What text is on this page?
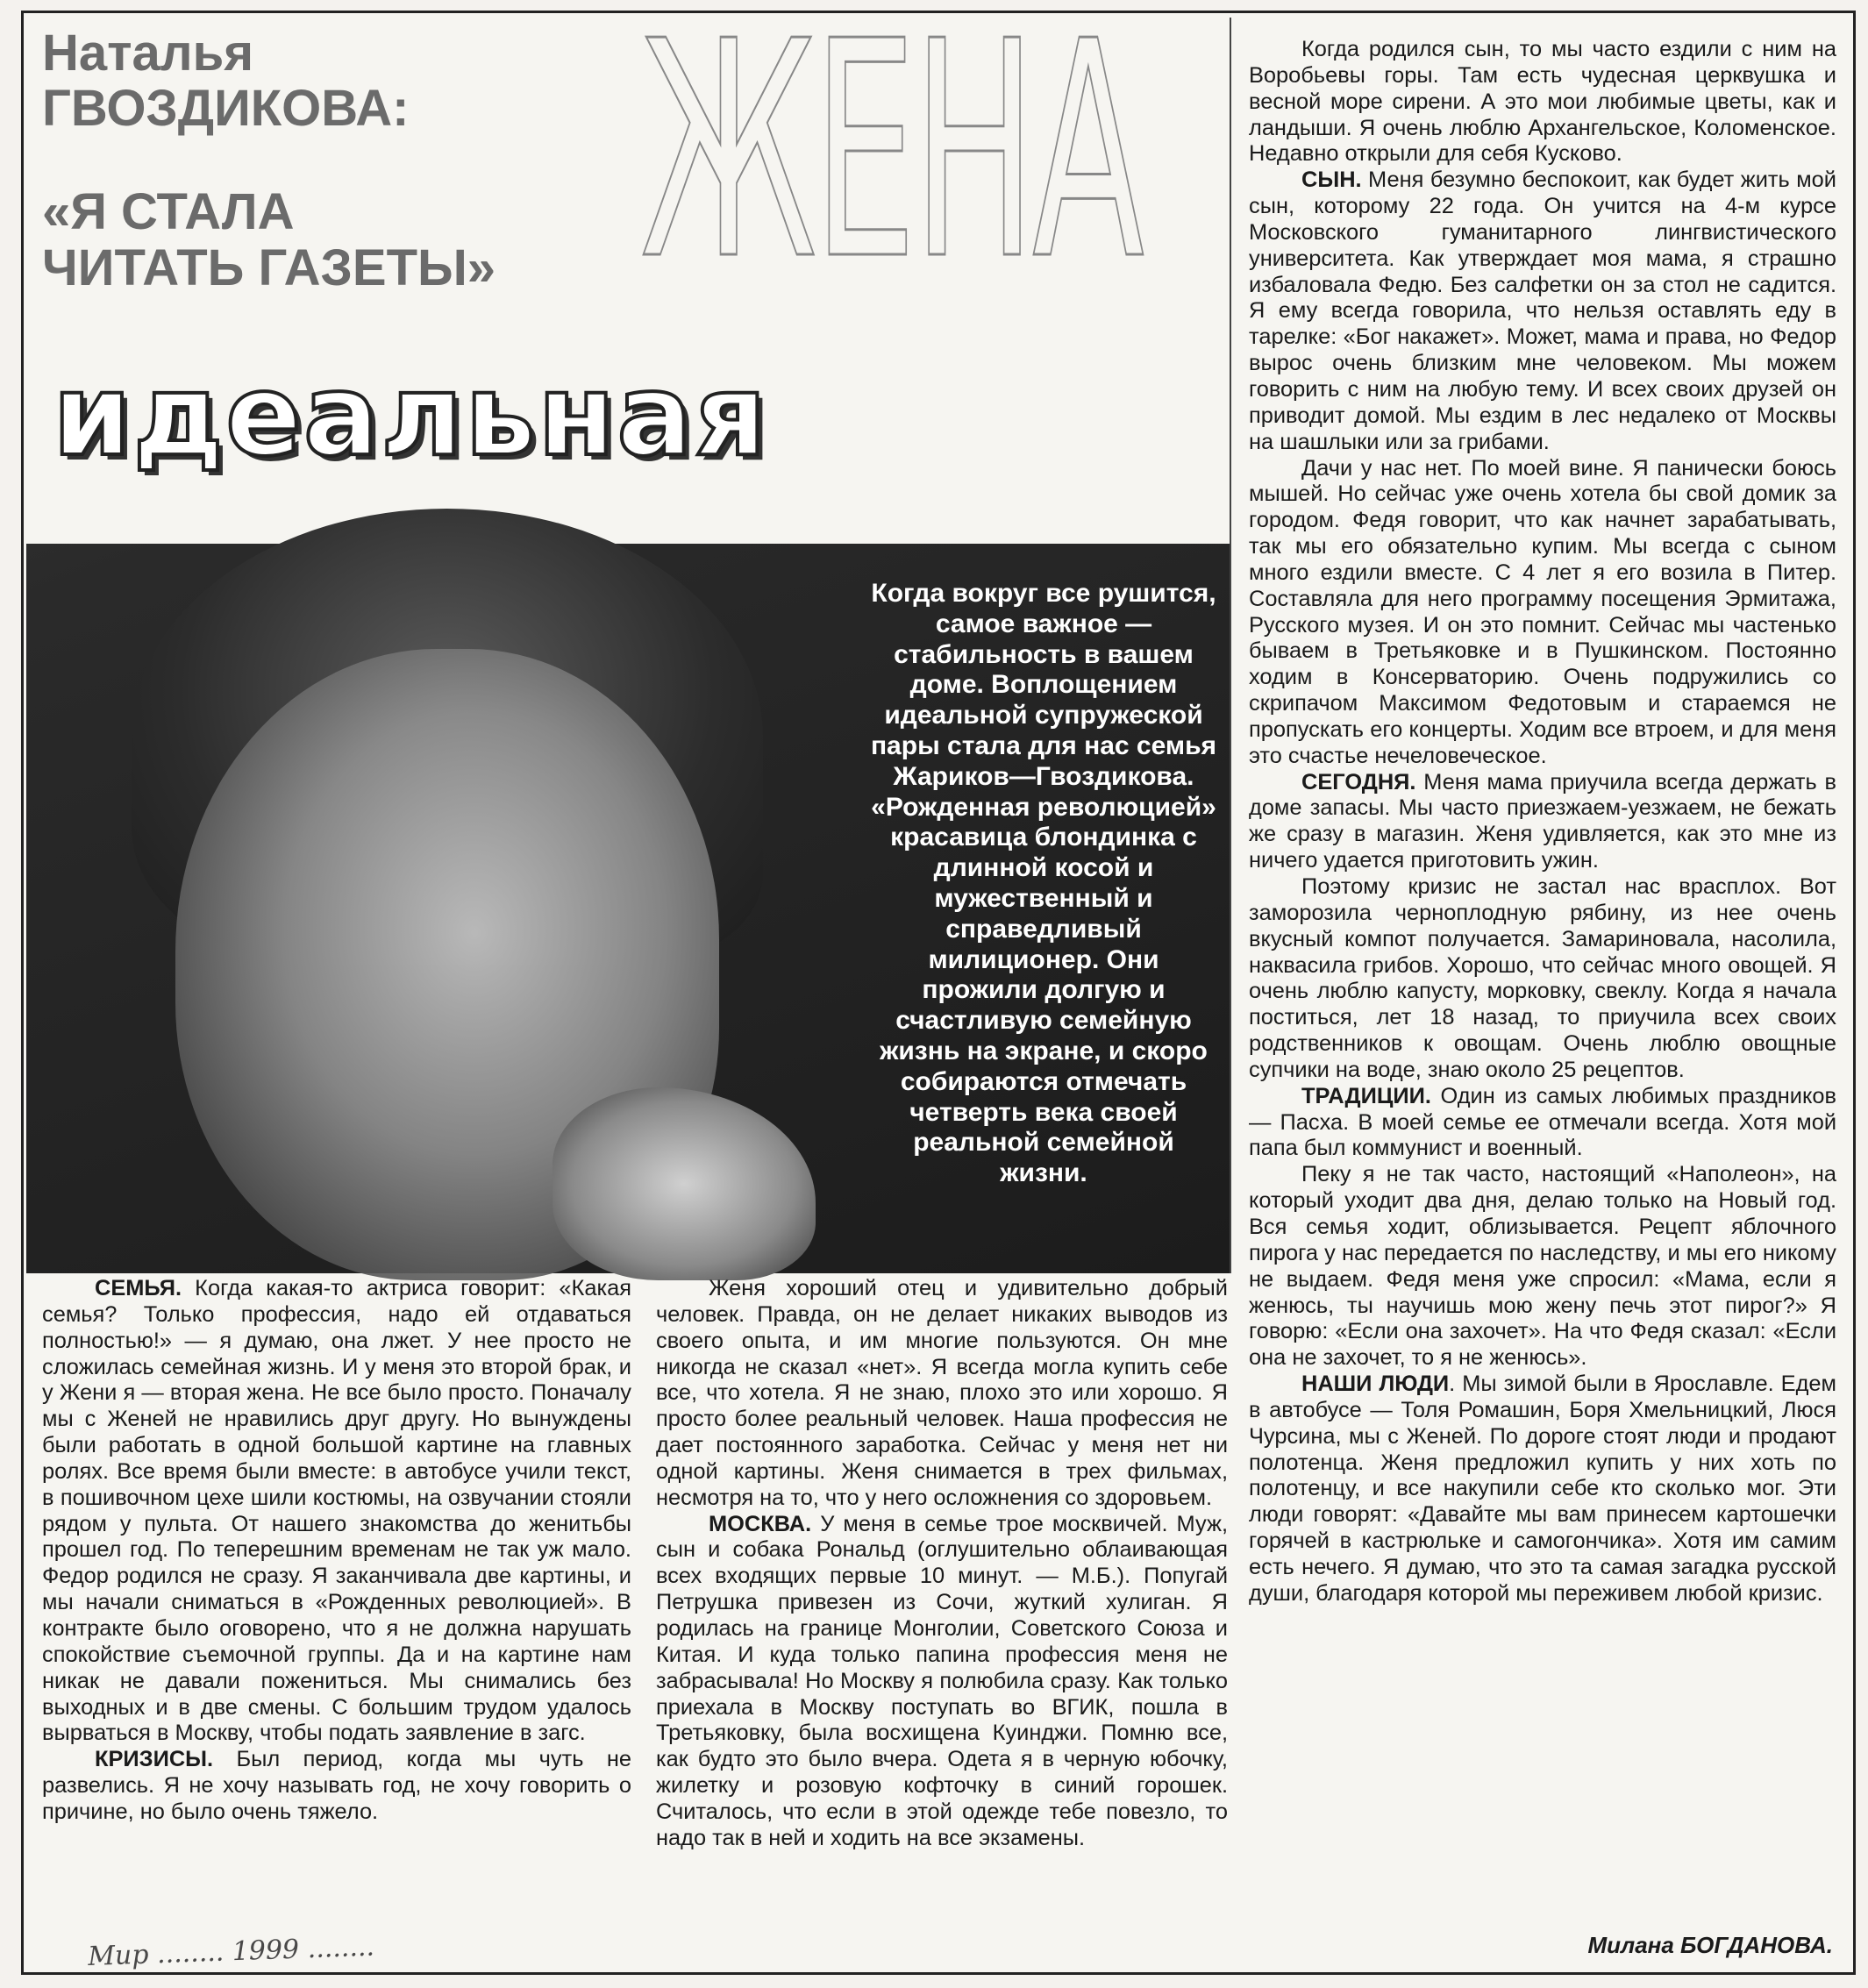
ЖЕНА
Наталья
ГВОЗДИКОВА:
«Я СТАЛА
ЧИТАТЬ ГАЗЕТЫ»
идеальная
Когда вокруг все рушится, самое важное — стабильность в вашем доме. Воплощением идеальной супружеской пары стала для нас семья Жариков—Гвоздикова. «Рожденная революцией» красавица блондинка с длинной косой и мужественный и справедливый милиционер. Они прожили долгую и счастливую семейную жизнь на экране, и скоро собираются отмечать четверть века своей реальной семейной жизни.

Когда родился сын, то мы часто ездили с ним на Воробьевы горы. Там есть чудесная церквушка и весной море сирени. А это мои любимые цветы, как и ландыши. Я очень люблю Архангельское, Коломенское. Недавно открыли для себя Кусково.

СЫН. Меня безумно беспокоит, как будет жить мой сын, которому 22 года. Он учится на 4-м курсе Московского гуманитарного лингвистического университета. Как утверждает моя мама, я страшно избаловала Федю. Без салфетки он за стол не садится. Я ему всегда говорила, что нельзя оставлять еду в тарелке: «Бог накажет». Может, мама и права, но Федор вырос очень близким мне человеком. Мы можем говорить с ним на любую тему. И всех своих друзей он приводит домой. Мы ездим в лес недалеко от Москвы на шашлыки или за грибами.

Дачи у нас нет. По моей вине. Я панически боюсь мышей. Но сейчас уже очень хотела бы свой домик за городом. Федя говорит, что как начнет зарабатывать, так мы его обязательно купим. Мы всегда с сыном много ездили вместе. С 4 лет я его возила в Питер. Составляла для него программу посещения Эрмитажа, Русского музея. И он это помнит. Сейчас мы частенько бываем в Третьяковке и в Пушкинском. Постоянно ходим в Консерваторию. Очень подружились со скрипачом Максимом Федотовым и стараемся не пропускать его концерты. Ходим все втроем, и для меня это счастье нечеловеческое.

СЕГОДНЯ. Меня мама приучила всегда держать в доме запасы. Мы часто приезжаем-уезжаем, не бежать же сразу в магазин. Женя удивляется, как это мне из ничего удается приготовить ужин.

Поэтому кризис не застал нас врасплох. Вот заморозила черноплодную рябину, из нее очень вкусный компот получается. Замариновала, насолила, наквасила грибов. Хорошо, что сейчас много овощей. Я очень люблю капусту, морковку, свеклу. Когда я начала поститься, лет 18 назад, то приучила всех своих родственников к овощам. Очень люблю овощные супчики на воде, знаю около 25 рецептов.

ТРАДИЦИИ. Один из самых любимых праздников — Пасха. В моей семье ее отмечали всегда. Хотя мой папа был коммунист и военный.

Пеку я не так часто, настоящий «Наполеон», на который уходит два дня, делаю только на Новый год. Вся семья ходит, облизывается. Рецепт яблочного пирога у нас передается по наследству, и мы его никому не выдаем. Федя меня уже спросил: «Мама, если я женюсь, ты научишь мою жену печь этот пирог?» Я говорю: «Если она захочет». На что Федя сказал: «Если она не захочет, то я не женюсь».

НАШИ ЛЮДИ. Мы зимой были в Ярославле. Едем в автобусе — Толя Ромашин, Боря Хмельницкий, Люся Чурсина, мы с Женей. По дороге стоят люди и продают полотенца. Женя предложил купить у них хоть по полотенцу, и все накупили себе кто сколько мог. Эти люди говорят: «Давайте мы вам принесем картошечки горячей в кастрюльке и самогончика». Хотя им самим есть нечего. Я думаю, что это та самая загадка русской души, благодаря которой мы переживем любой кризис.

СЕМЬЯ. Когда какая-то актриса говорит: «Какая семья? Только профессия, надо ей отдаваться полностью!» — я думаю, она лжет. У нее просто не сложилась семейная жизнь. И у меня это второй брак, и у Жени я — вторая жена. Не все было просто. Поначалу мы с Женей не нравились друг другу. Но вынуждены были работать в одной большой картине на главных ролях. Все время были вместе: в автобусе учили текст, в пошивочном цехе шили костюмы, на озвучании стояли рядом у пульта. От нашего знакомства до женитьбы прошел год. По теперешним временам не так уж мало. Федор родился не сразу. Я заканчивала две картины, и мы начали сниматься в «Рожденных революцией». В контракте было оговорено, что я не должна нарушать спокойствие съемочной группы. Да и на картине нам никак не давали пожениться. Мы снимались без выходных и в две смены. С большим трудом удалось вырваться в Москву, чтобы подать заявление в загс.

КРИЗИСЫ. Был период, когда мы чуть не развелись. Я не хочу называть год, не хочу говорить о причине, но было очень тяжело.

Женя хороший отец и удивительно добрый человек. Правда, он не делает никаких выводов из своего опыта, и им многие пользуются. Он мне никогда не сказал «нет». Я всегда могла купить себе все, что хотела. Я не знаю, плохо это или хорошо. Я просто более реальный человек. Наша профессия не дает постоянного заработка. Сейчас у меня нет ни одной картины. Женя снимается в трех фильмах, несмотря на то, что у него осложнения со здоровьем.

МОСКВА. У меня в семье трое москвичей. Муж, сын и собака Рональд (оглушительно облаивающая всех входящих первые 10 минут. — М.Б.). Попугай Петрушка привезен из Сочи, жуткий хулиган. Я родилась на границе Монголии, Советского Союза и Китая. И куда только папина профессия меня не забрасывала! Но Москву я полюбила сразу. Как только приехала в Москву поступать во ВГИК, пошла в Третьяковку, была восхищена Куинджи. Помню все, как будто это было вчера. Одета я в черную юбочку, жилетку и розовую кофточку в синий горошек. Считалось, что если в этой одежде тебе повезло, то надо так в ней и ходить на все экзамены.

Мир ........ 1999 ........	Милана БОГДАНОВА.
